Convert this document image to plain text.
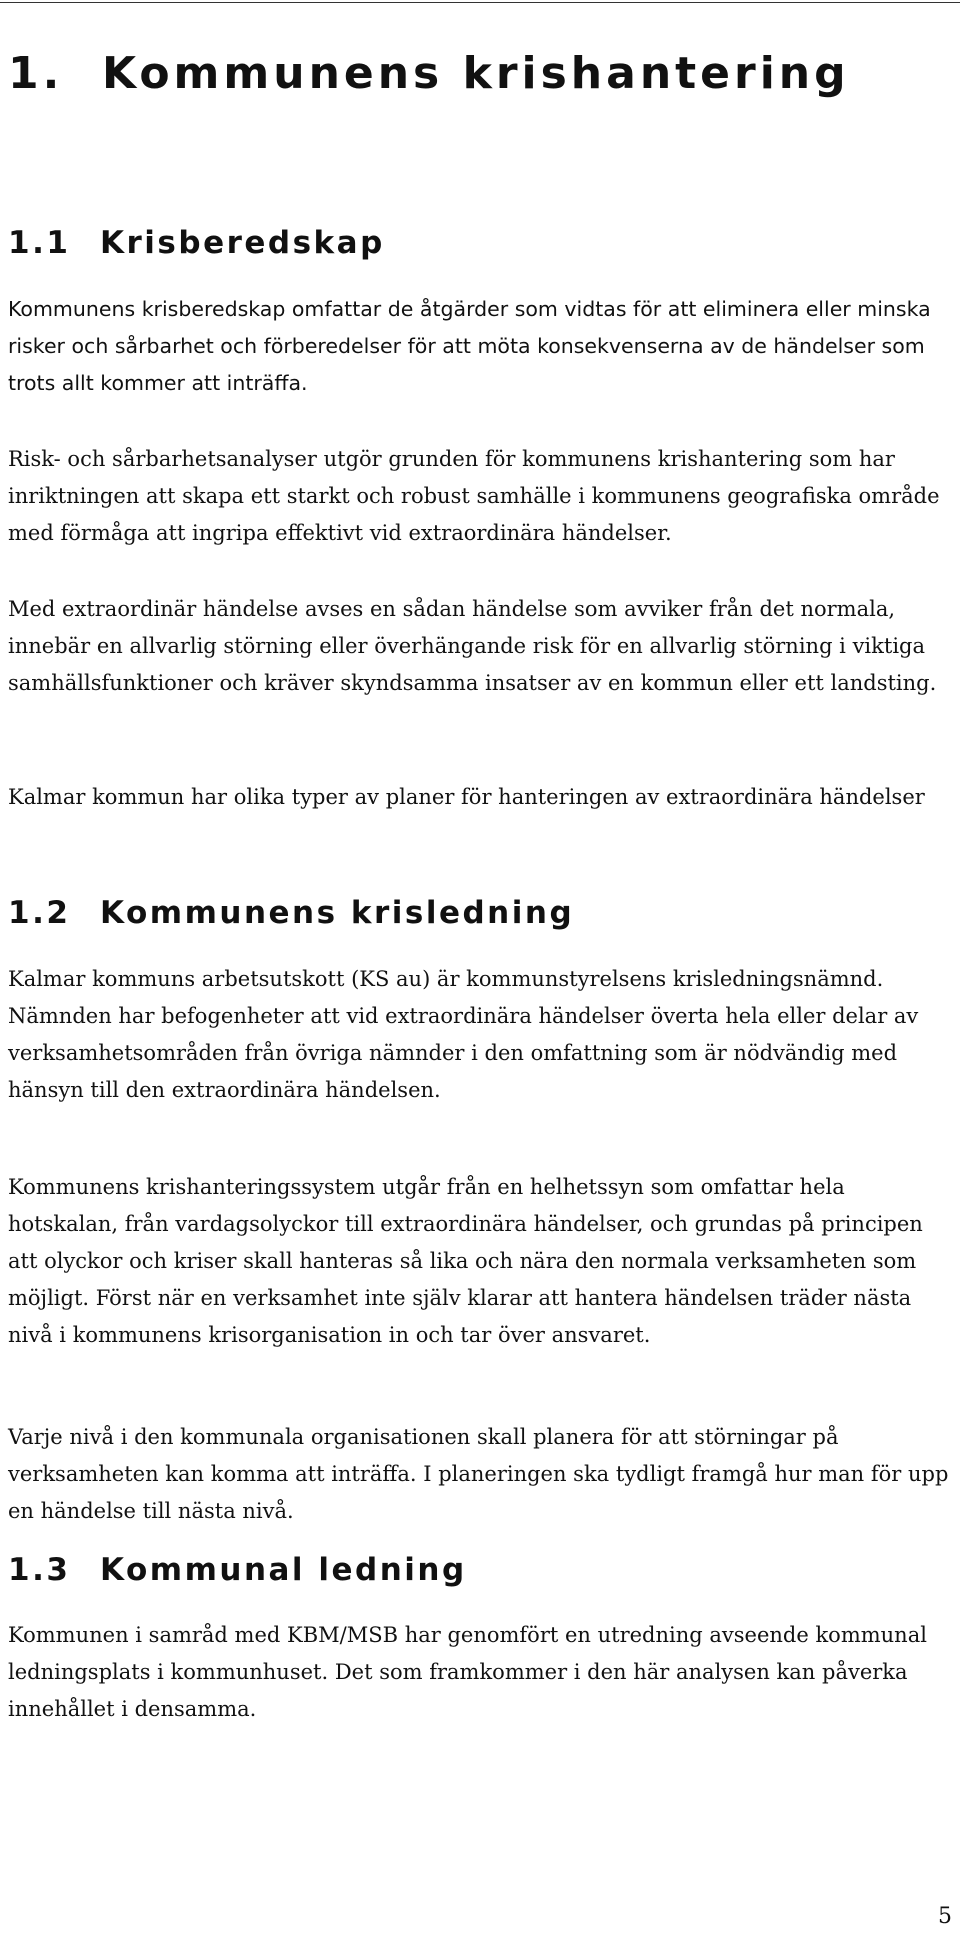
1. Kommunens krishantering
1.1 Krisberedskap

Kommunens krisberedskap omfattar de åtgärder som vidtas för att eliminera eller minska risker och sårbarhet och förberedelser för att möta konsekvenserna av de händelser som trots allt kommer att inträffa.

Risk- och sårbarhetsanalyser utgör grunden för kommunens krishantering som har inriktningen att skapa ett starkt och robust samhälle i kommunens geografiska område med förmåga att ingripa effektivt vid extraordinära händelser.

Med extraordinär händelse avses en sådan händelse som avviker från det normala, innebär en allvarlig störning eller överhängande risk för en allvarlig störning i viktiga samhällsfunktioner och kräver skyndsamma insatser av en kommun eller ett landsting.

Kalmar kommun har olika typer av planer för hanteringen av extraordinära händelser

1.2 Kommunens krisledning

Kalmar kommuns arbetsutskott (KS au) är kommunstyrelsens krisledningsnämnd. Nämnden har befogenheter att vid extraordinära händelser överta hela eller delar av verksamhetsområden från övriga nämnder i den omfattning som är nödvändig med hänsyn till den extraordinära händelsen.

Kommunens krishanteringssystem utgår från en helhetssyn som omfattar hela hotskalan, från vardagsolyckor till extraordinära händelser, och grundas på principen att olyckor och kriser skall hanteras så lika och nära den normala verksamheten som möjligt. Först när en verksamhet inte själv klarar att hantera händelsen träder nästa nivå i kommunens krisorganisation in och tar över ansvaret.

Varje nivå i den kommunala organisationen skall planera för att störningar på verksamheten kan komma att inträffa. I planeringen ska tydligt framgå hur man för upp en händelse till nästa nivå.

1.3 Kommunal ledning

Kommunen i samråd med KBM/MSB har genomfört en utredning avseende kommunal ledningsplats i kommunhuset. Det som framkommer i den här analysen kan påverka innehållet i densamma.

5
